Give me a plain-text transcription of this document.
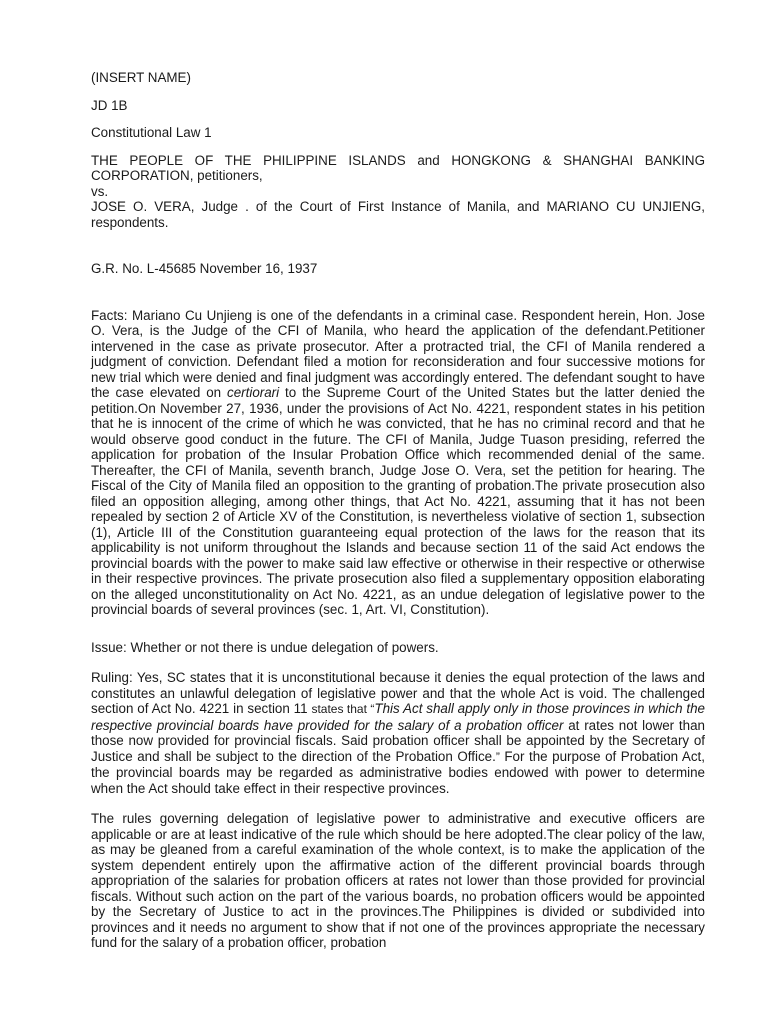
(INSERT NAME)

JD 1B

Constitutional Law 1

THE PEOPLE OF THE PHILIPPINE ISLANDS and HONGKONG & SHANGHAI BANKING CORPORATION, petitioners,

vs.

JOSE O. VERA, Judge . of the Court of First Instance of Manila, and MARIANO CU UNJIENG, respondents.

G.R. No. L-45685 November 16, 1937

Facts: Mariano Cu Unjieng is one of the defendants in a criminal case. Respondent herein, Hon. Jose O. Vera, is the Judge of the CFI of Manila, who heard the application of the defendant.Petitioner intervened in the case as private prosecutor. After a protracted trial, the CFI of Manila rendered a judgment of conviction. Defendant filed a motion for reconsideration and four successive motions for new trial which were denied and final judgment was accordingly entered. The defendant sought to have the case elevated on certiorari to the Supreme Court of the United States but the latter denied the petition.On November 27, 1936, under the provisions of Act No. 4221, respondent states in his petition that he is innocent of the crime of which he was convicted, that he has no criminal record and that he would observe good conduct in the future. The CFI of Manila, Judge Tuason presiding, referred the application for probation of the Insular Probation Office which recommended denial of the same. Thereafter, the CFI of Manila, seventh branch, Judge Jose O. Vera, set the petition for hearing. The Fiscal of the City of Manila filed an opposition to the granting of probation.The private prosecution also filed an opposition alleging, among other things, that Act No. 4221, assuming that it has not been repealed by section 2 of Article XV of the Constitution, is nevertheless violative of section 1, subsection (1), Article III of the Constitution guaranteeing equal protection of the laws for the reason that its applicability is not uniform throughout the Islands and because section 11 of the said Act endows the provincial boards with the power to make said law effective or otherwise in their respective or otherwise in their respective provinces. The private prosecution also filed a supplementary opposition elaborating on the alleged unconstitutionality on Act No. 4221, as an undue delegation of legislative power to the provincial boards of several provinces (sec. 1, Art. VI, Constitution).

Issue: Whether or not there is undue delegation of powers.

Ruling: Yes, SC states that it is unconstitutional because it denies the equal protection of the laws and constitutes an unlawful delegation of legislative power and that the whole Act is void. The challenged section of Act No. 4221 in section 11 states that “This Act shall apply only in those provinces in which the respective provincial boards have provided for the salary of a probation officer at rates not lower than those now provided for provincial fiscals. Said probation officer shall be appointed by the Secretary of Justice and shall be subject to the direction of the Probation Office.” For the purpose of Probation Act, the provincial boards may be regarded as administrative bodies endowed with power to determine when the Act should take effect in their respective provinces.

The rules governing delegation of legislative power to administrative and executive officers are applicable or are at least indicative of the rule which should be here adopted.The clear policy of the law, as may be gleaned from a careful examination of the whole context, is to make the application of the system dependent entirely upon the affirmative action of the different provincial boards through appropriation of the salaries for probation officers at rates not lower than those provided for provincial fiscals. Without such action on the part of the various boards, no probation officers would be appointed by the Secretary of Justice to act in the provinces.The Philippines is divided or subdivided into provinces and it needs no argument to show that if not one of the provinces appropriate the necessary fund for the salary of a probation officer, probation
